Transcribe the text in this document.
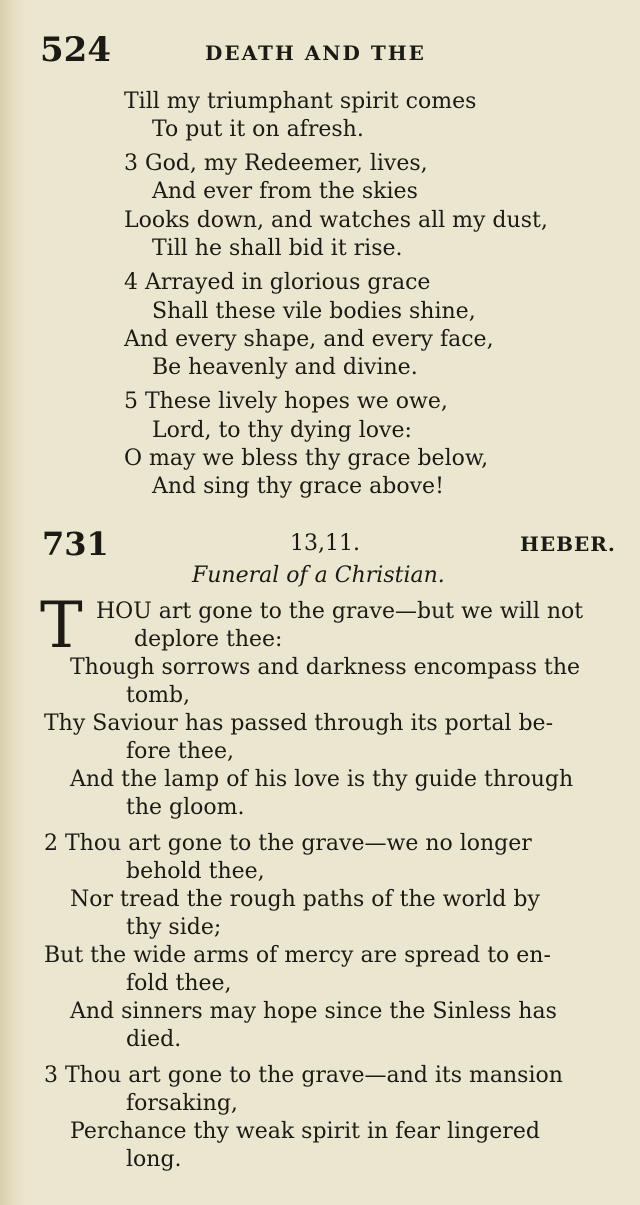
524	DEATH AND THE
Till my triumphant spirit comes
To put it on afresh.
3 God, my Redeemer, lives,
And ever from the skies
Looks down, and watches all my dust,
Till he shall bid it rise.
4 Arrayed in glorious grace
Shall these vile bodies shine,
And every shape, and every face,
Be heavenly and divine.
5 These lively hopes we owe,
Lord, to thy dying love:
O may we bless thy grace below,
And sing thy grace above!
731	13,11.	HEBER.
Funeral of a Christian.
T HOU art gone to the grave—but we will not
deplore thee:
Though sorrows and darkness encompass the
tomb,
Thy Saviour has passed through its portal be-
fore thee,
And the lamp of his love is thy guide through
the gloom.
2 Thou art gone to the grave—we no longer
behold thee,
Nor tread the rough paths of the world by
thy side;
But the wide arms of mercy are spread to en-
fold thee,
And sinners may hope since the Sinless has
died.
3 Thou art gone to the grave—and its mansion
forsaking,
Perchance thy weak spirit in fear lingered
long.
